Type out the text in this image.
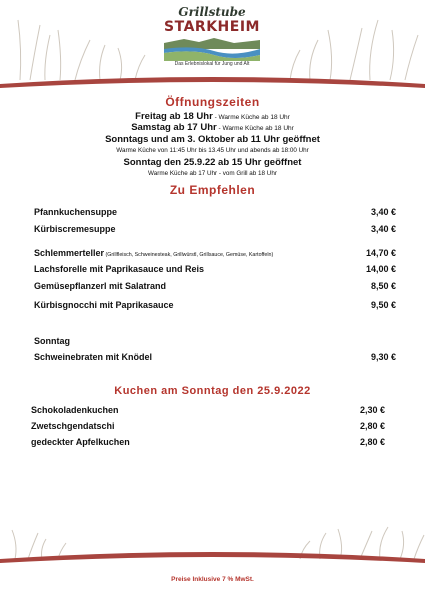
Grillstube
STARKHEIM
Das Erlebnislokal für Jung und Alt
Öffnungszeiten
Freitag ab 18 Uhr - Warme Küche ab 18 Uhr
Samstag ab 17 Uhr - Warme Küche ab 18 Uhr
Sonntags und am 3. Oktober ab 11 Uhr geöffnet
Warme Küche von 11:45 Uhr bis 13.45 Uhr und abends ab 18:00 Uhr
Sonntag den 25.9.22 ab 15 Uhr geöffnet
Warme Küche ab 17 Uhr - vom Grill ab 18 Uhr
Zu Empfehlen
Pfannkuchensuppe	3,40 €
Kürbiscremesuppe	3,40 €
Schlemmerteller (Grillfleisch, Schweinesteak, Grillwürstl, Grillsauce, Gemüse, Kartoffeln)	14,70 €
Lachsforelle mit Paprikasauce und Reis	14,00 €
Gemüsepflanzerl mit Salatrand	8,50 €
Kürbisgnocchi mit Paprikasauce	9,50 €
Sonntag
Schweinebraten mit Knödel	9,30 €
Kuchen am Sonntag den 25.9.2022
Schokoladenkuchen	2,30 €
Zwetschgendatschi	2,80 €
gedeckter Apfelkuchen	2,80 €
Preise Inklusive 7 % MwSt.
